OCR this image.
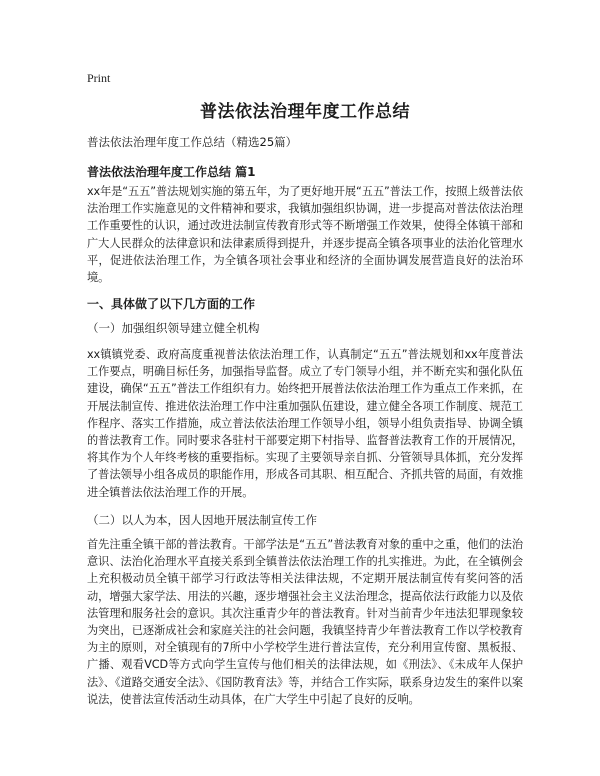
Print
普法依法治理年度工作总结

普法依法治理年度工作总结（精选25篇）

普法依法治理年度工作总结 篇1

xx年是“五五”普法规划实施的第五年，为了更好地开展“五五”普法工作，按照上级普法依法治理工作实施意见的文件精神和要求，我镇加强组织协调，进一步提高对普法依法治理工作重要性的认识，通过改进法制宣传教育形式等不断增强工作效果，使得全体镇干部和广大人民群众的法律意识和法律素质得到提升，并逐步提高全镇各项事业的法治化管理水平，促进依法治理工作，为全镇各项社会事业和经济的全面协调发展营造良好的法治环境。

一、具体做了以下几方面的工作

（一）加强组织领导建立健全机构

xx镇镇党委、政府高度重视普法依法治理工作，认真制定“五五”普法规划和xx年度普法工作要点，明确目标任务，加强指导监督。成立了专门领导小组，并不断充实和强化队伍建设，确保“五五”普法工作组织有力。始终把开展普法依法治理工作为重点工作来抓，在开展法制宣传、推进依法治理工作中注重加强队伍建设，建立健全各项工作制度、规范工作程序、落实工作措施，成立普法依法治理工作领导小组，领导小组负责指导、协调全镇的普法教育工作。同时要求各驻村干部要定期下村指导、监督普法教育工作的开展情况，将其作为个人年终考核的重要指标。实现了主要领导亲自抓、分管领导具体抓，充分发挥了普法领导小组各成员的职能作用，形成各司其职、相互配合、齐抓共管的局面，有效推进全镇普法依法治理工作的开展。

（二）以人为本，因人因地开展法制宣传工作

首先注重全镇干部的普法教育。干部学法是“五五”普法教育对象的重中之重，他们的法治意识、法治化治理水平直接关系到全镇普法依法治理工作的扎实推进。为此，在全镇例会上充积极动员全镇干部学习行政法等相关法律法规，不定期开展法制宣传有奖问答的活动，增强大家学法、用法的兴趣，逐步增强社会主义法治理念，提高依法行政能力以及依法管理和服务社会的意识。其次注重青少年的普法教育。针对当前青少年违法犯罪现象较为突出，已逐渐成社会和家庭关注的社会问题，我镇坚持青少年普法教育工作以学校教育为主的原则，对全镇现有的7所中小学校学生进行普法宣传，充分利用宣传窗、黑板报、广播、观看VCD等方式向学生宣传与他们相关的法律法规，如《刑法》、《未成年人保护法》、《道路交通安全法》、《国防教育法》等，并结合工作实际，联系身边发生的案件以案说法，使普法宣传活动生动具体，在广大学生中引起了良好的反响。
